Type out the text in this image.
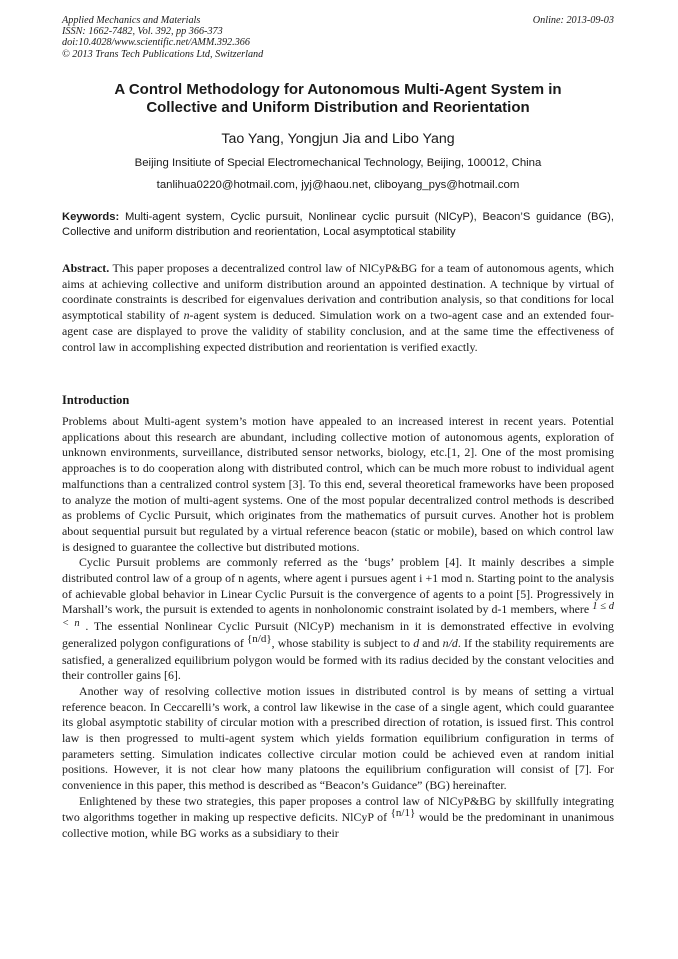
Applied Mechanics and Materials
ISSN: 1662-7482, Vol. 392, pp 366-373
doi:10.4028/www.scientific.net/AMM.392.366
© 2013 Trans Tech Publications Ltd, Switzerland
Online: 2013-09-03
A Control Methodology for Autonomous Multi-Agent System in
Collective and Uniform Distribution and Reorientation
Tao Yang, Yongjun Jia and Libo Yang
Beijing Insitiute of Special Electromechanical Technology, Beijing, 100012, China
tanlihua0220@hotmail.com, jyj@haou.net, cliboyang_pys@hotmail.com
Keywords: Multi-agent system, Cyclic pursuit, Nonlinear cyclic pursuit (NlCyP), Beacon’S guidance (BG), Collective and uniform distribution and reorientation, Local asymptotical stability
Abstract. This paper proposes a decentralized control law of NlCyP&BG for a team of autonomous agents, which aims at achieving collective and uniform distribution around an appointed destination. A technique by virtual of coordinate constraints is described for eigenvalues derivation and contribution analysis, so that conditions for local asymptotical stability of n-agent system is deduced. Simulation work on a two-agent case and an extended four-agent case are displayed to prove the validity of stability conclusion, and at the same time the effectiveness of control law in accomplishing expected distribution and reorientation is verified exactly.
Introduction

Problems about Multi-agent system’s motion have appealed to an increased interest in recent years. Potential applications about this research are abundant, including collective motion of autonomous agents, exploration of unknown environments, surveillance, distributed sensor networks, biology, etc.[1, 2]. One of the most promising approaches is to do cooperation along with distributed control, which can be much more robust to individual agent malfunctions than a centralized control system [3]. To this end, several theoretical frameworks have been proposed to analyze the motion of multi-agent systems. One of the most popular decentralized control methods is described as problems of Cyclic Pursuit, which originates from the mathematics of pursuit curves. Another hot is problem about sequential pursuit but regulated by a virtual reference beacon (static or mobile), based on which control law is designed to guarantee the collective but distributed motions.

Cyclic Pursuit problems are commonly referred as the ‘bugs’ problem [4]. It mainly describes a simple distributed control law of a group of n agents, where agent i pursues agent i +1 mod n. Starting point to the analysis of achievable global behavior in Linear Cyclic Pursuit is the convergence of agents to a point [5]. Progressively in Marshall’s work, the pursuit is extended to agents in nonholonomic constraint isolated by d-1 members, where 1 ≤ d < n . The essential Nonlinear Cyclic Pursuit (NlCyP) mechanism in it is demonstrated effective in evolving generalized polygon configurations of {n/d}, whose stability is subject to d and n/d. If the stability requirements are satisfied, a generalized equilibrium polygon would be formed with its radius decided by the constant velocities and their controller gains [6].

Another way of resolving collective motion issues in distributed control is by means of setting a virtual reference beacon. In Ceccarelli’s work, a control law likewise in the case of a single agent, which could guarantee its global asymptotic stability of circular motion with a prescribed direction of rotation, is issued first. This control law is then progressed to multi-agent system which yields formation equilibrium configuration in terms of parameters setting. Simulation indicates collective circular motion could be achieved even at random initial positions. However, it is not clear how many platoons the equilibrium configuration will consist of [7]. For convenience in this paper, this method is described as “Beacon’s Guidance” (BG) hereinafter.

Enlightened by these two strategies, this paper proposes a control law of NlCyP&BG by skillfully integrating two algorithms together in making up respective deficits. NlCyP of {n/1} would be the predominant in unanimous collective motion, while BG works as a subsidiary to their
